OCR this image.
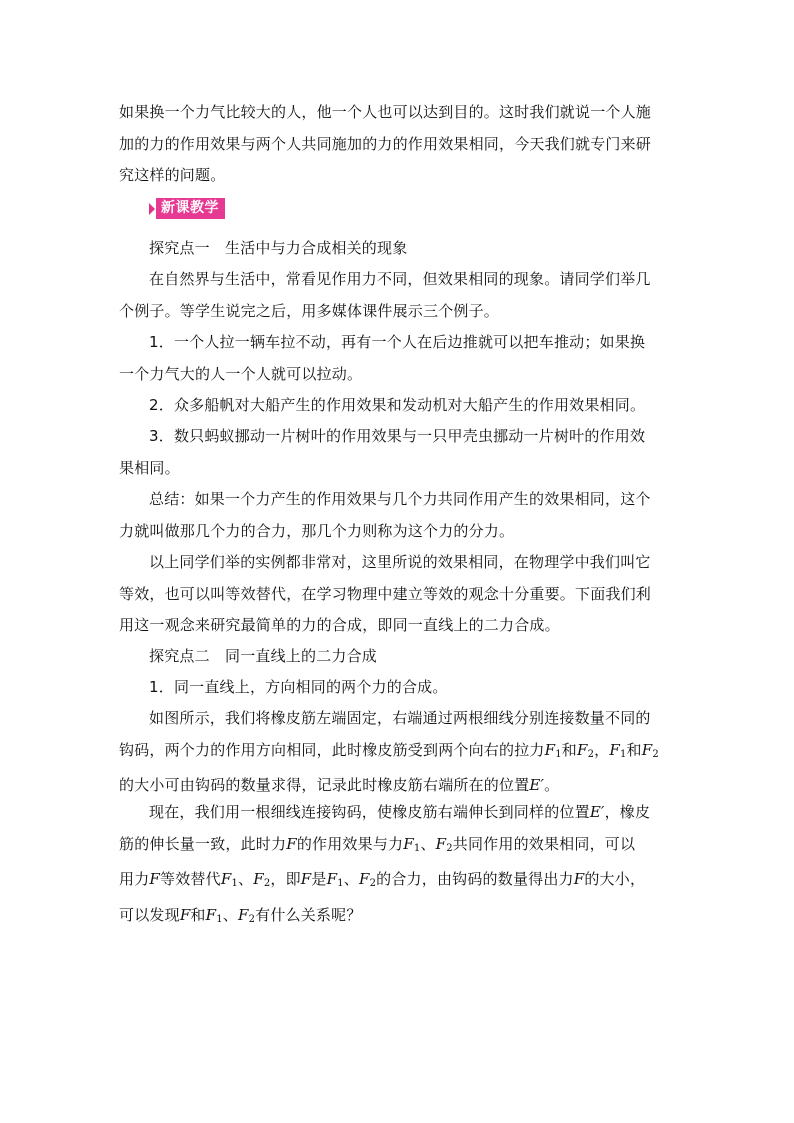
如果换一个力气比较大的人，他一个人也可以达到目的。这时我们就说一个人施
加的力的作用效果与两个人共同施加的力的作用效果相同，今天我们就专门来研
究这样的问题。
新课教学
探究点一　生活中与力合成相关的现象
在自然界与生活中，常看见作用力不同，但效果相同的现象。请同学们举几
个例子。等学生说完之后，用多媒体课件展示三个例子。
1．一个人拉一辆车拉不动，再有一个人在后边推就可以把车推动；如果换
一个力气大的人一个人就可以拉动。
2．众多船帆对大船产生的作用效果和发动机对大船产生的作用效果相同。
3．数只蚂蚁挪动一片树叶的作用效果与一只甲壳虫挪动一片树叶的作用效
果相同。
总结：如果一个力产生的作用效果与几个力共同作用产生的效果相同，这个
力就叫做那几个力的合力，那几个力则称为这个力的分力。
以上同学们举的实例都非常对，这里所说的效果相同，在物理学中我们叫它
等效，也可以叫等效替代，在学习物理中建立等效的观念十分重要。下面我们利
用这一观念来研究最简单的力的合成，即同一直线上的二力合成。
探究点二　同一直线上的二力合成
1．同一直线上，方向相同的两个力的合成。
如图所示，我们将橡皮筋左端固定，右端通过两根细线分别连接数量不同的
钩码，两个力的作用方向相同，此时橡皮筋受到两个向右的拉力$F_1$和$F_2$，$F_1$和$F_2$
的大小可由钩码的数量求得，记录此时橡皮筋右端所在的位置E′。
现在，我们用一根细线连接钩码，使橡皮筋右端伸长到同样的位置E′，橡皮
筋的伸长量一致，此时力F的作用效果与力$F_1$、$F_2$共同作用的效果相同，可以
用力F等效替代$F_1$、$F_2$，即F是$F_1$、$F_2$的合力，由钩码的数量得出力F的大小，
可以发现F和$F_1$、$F_2$有什么关系呢？
